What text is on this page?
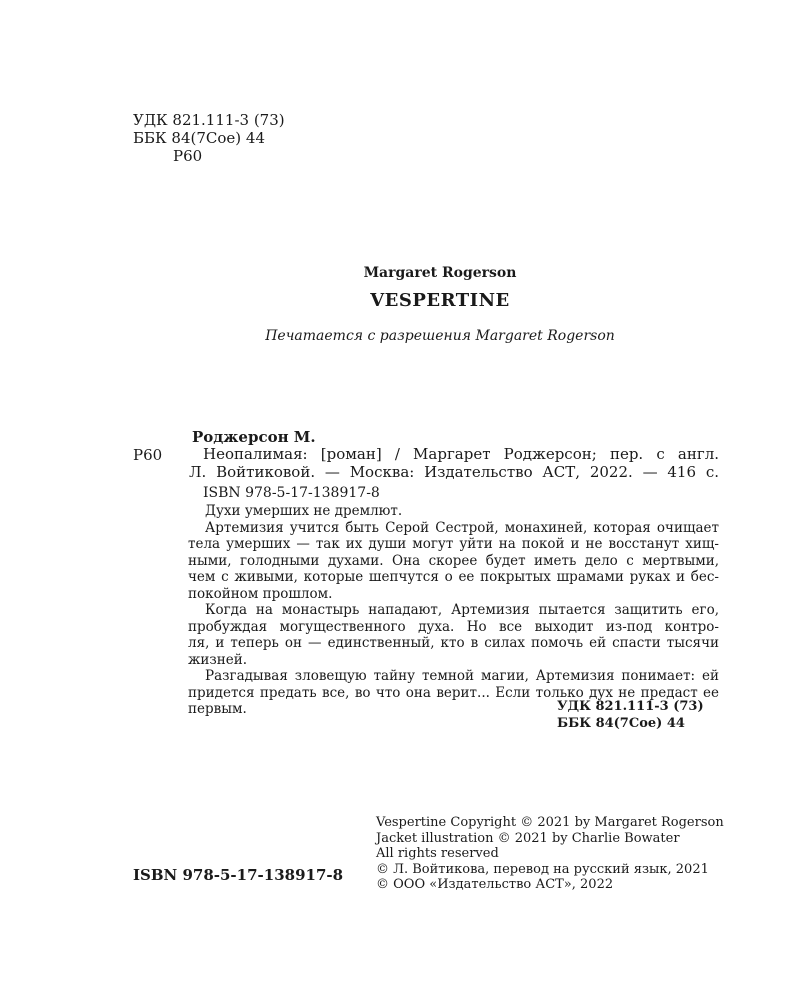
УДК 821.111-3 (73)
ББК 84(7Сое) 44
Р60
Margaret Rogerson
VESPERTINE
Печатается с разрешения Margaret Rogerson
Роджерсон М.
Р60	Неопалимая: [роман] / Маргарет Роджерсон; пер. с англ.
Л. Войтиковой. — Москва: Издательство АСТ, 2022. — 416 с.
ISBN 978-5-17-138917-8
Духи умерших не дремлют.
Артемизия учится быть Серой Сестрой, монахиней, которая очищает
тела умерших — так их души могут уйти на покой и не восстанут хищ-
ными, голодными духами. Она скорее будет иметь дело с мертвыми,
чем с живыми, которые шепчутся о ее покрытых шрамами руках и бес-
покойном прошлом.
Когда на монастырь нападают, Артемизия пытается защитить его,
пробуждая могущественного духа. Но все выходит из-под контро-
ля, и теперь он — единственный, кто в силах помочь ей спасти тысячи
жизней.
Разгадывая зловещую тайну темной магии, Артемизия понимает: ей
придется предать все, во что она верит... Если только дух не предаст ее
первым.	УДК 821.111-3 (73)
ББК 84(7Сое) 44
Vespertine Copyright © 2021 by Margaret Rogerson
Jacket illustration © 2021 by Charlie Bowater
All rights reserved
© Л. Войтикова, перевод на русский язык, 2021
© ООО «Издательство АСТ», 2022
ISBN 978-5-17-138917-8
